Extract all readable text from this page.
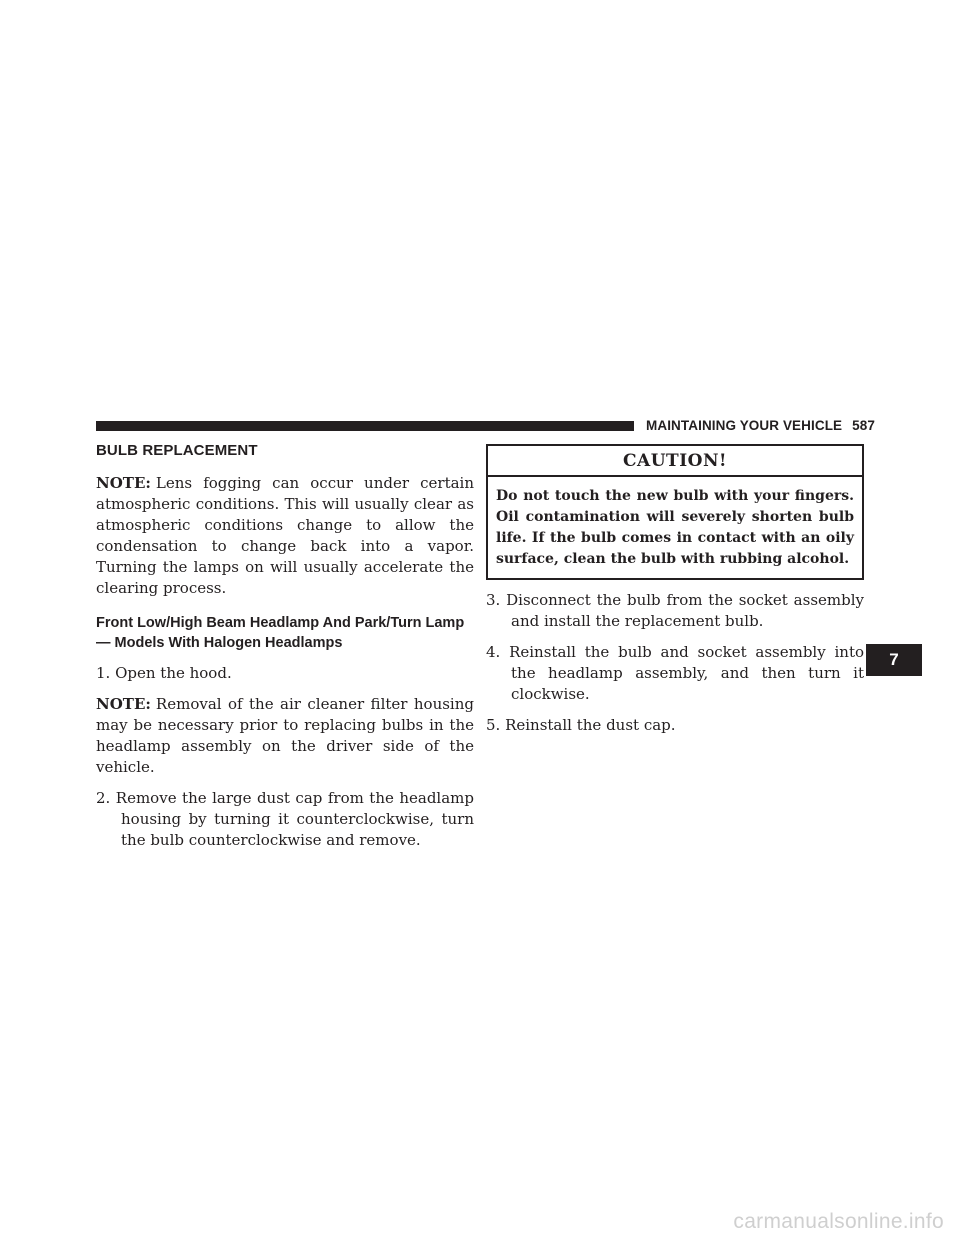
MAINTAINING YOUR VEHICLE 587
BULB REPLACEMENT

NOTE: Lens fogging can occur under certain atmospheric conditions. This will usually clear as atmospheric conditions change to allow the condensation to change back into a vapor. Turning the lamps on will usually accelerate the clearing process.

Front Low/High Beam Headlamp And Park/Turn Lamp — Models With Halogen Headlamps

1. Open the hood.

NOTE: Removal of the air cleaner filter housing may be necessary prior to replacing bulbs in the headlamp assembly on the driver side of the vehicle.

2. Remove the large dust cap from the headlamp housing by turning it counterclockwise, turn the bulb counterclockwise and remove.

CAUTION!
Do not touch the new bulb with your fingers. Oil contamination will severely shorten bulb life. If the bulb comes in contact with an oily surface, clean the bulb with rubbing alcohol.

3. Disconnect the bulb from the socket assembly and install the replacement bulb.

4. Reinstall the bulb and socket assembly into the headlamp assembly, and then turn it clockwise.

5. Reinstall the dust cap.

7
carmanualsonline.info
